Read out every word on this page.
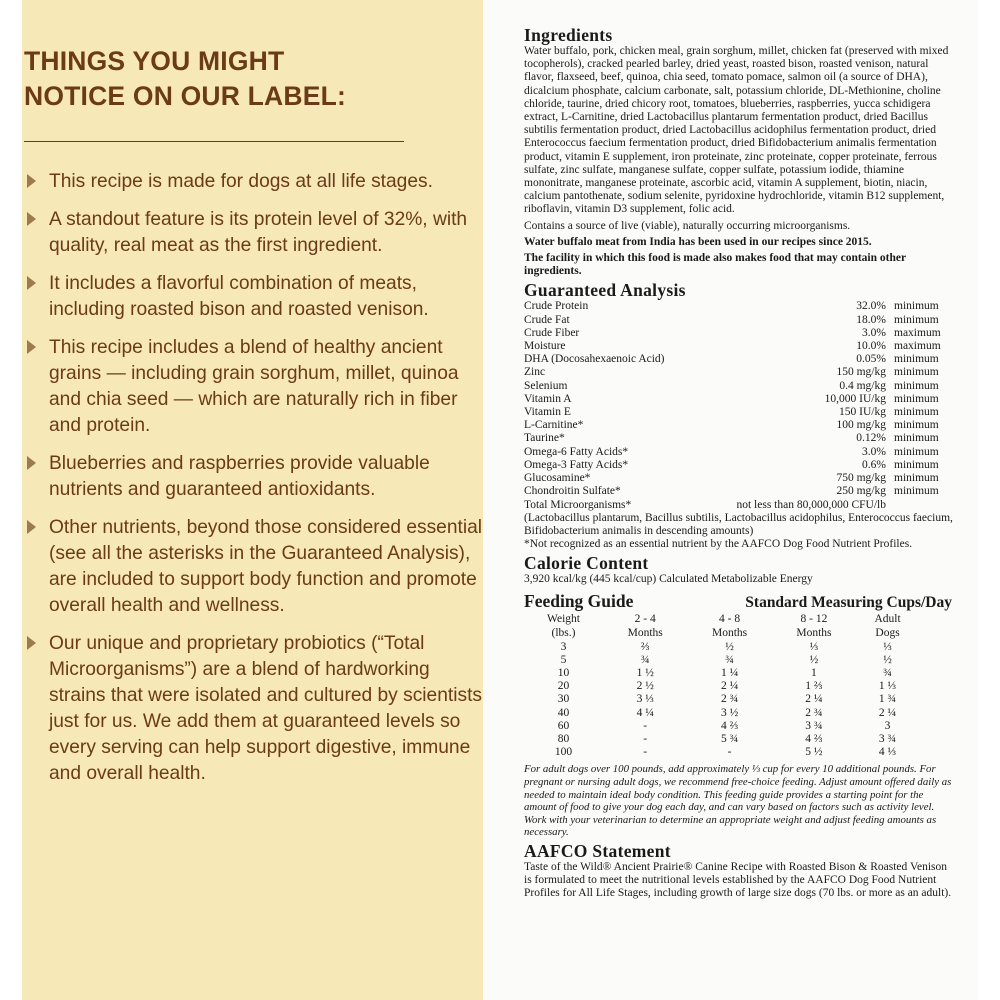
THINGS YOU MIGHT
NOTICE ON OUR LABEL:
This recipe is made for dogs at all life stages.
A standout feature is its protein level of 32%, with quality, real meat as the first ingredient.
It includes a flavorful combination of meats, including roasted bison and roasted venison.
This recipe includes a blend of healthy ancient grains — including grain sorghum, millet, quinoa and chia seed — which are naturally rich in fiber and protein.
Blueberries and raspberries provide valuable nutrients and guaranteed antioxidants.
Other nutrients, beyond those considered essential (see all the asterisks in the Guaranteed Analysis), are included to support body function and promote overall health and wellness.
Our unique and proprietary probiotics (“Total Microorganisms”) are a blend of hardworking strains that were isolated and cultured by scientists just for us. We add them at guaranteed levels so every serving can help support digestive, immune and overall health.
Ingredients

Water buffalo, pork, chicken meal, grain sorghum, millet, chicken fat (preserved with mixed tocopherols), cracked pearled barley, dried yeast, roasted bison, roasted venison, natural flavor, flaxseed, beef, quinoa, chia seed, tomato pomace, salmon oil (a source of DHA), dicalcium phosphate, calcium carbonate, salt, potassium chloride, DL-Methionine, choline chloride, taurine, dried chicory root, tomatoes, blueberries, raspberries, yucca schidigera extract, L-Carnitine, dried Lactobacillus plantarum fermentation product, dried Bacillus subtilis fermentation product, dried Lactobacillus acidophilus fermentation product, dried Enterococcus faecium fermentation product, dried Bifidobacterium animalis fermentation product, vitamin E supplement, iron proteinate, zinc proteinate, copper proteinate, ferrous sulfate, zinc sulfate, manganese sulfate, copper sulfate, potassium iodide, thiamine mononitrate, manganese proteinate, ascorbic acid, vitamin A supplement, biotin, niacin, calcium pantothenate, sodium selenite, pyridoxine hydrochloride, vitamin B12 supplement, riboflavin, vitamin D3 supplement, folic acid.

Contains a source of live (viable), naturally occurring microorganisms.

Water buffalo meat from India has been used in our recipes since 2015.

The facility in which this food is made also makes food that may contain other ingredients.

Guaranteed Analysis
Crude Protein	32.0%	minimum
Crude Fat	18.0%	minimum
Crude Fiber	3.0%	maximum
Moisture	10.0%	maximum
DHA (Docosahexaenoic Acid)	0.05%	minimum
Zinc	150 mg/kg	minimum
Selenium	0.4 mg/kg	minimum
Vitamin A	10,000 IU/kg	minimum
Vitamin E	150 IU/kg	minimum
L-Carnitine*	100 mg/kg	minimum
Taurine*	0.12%	minimum
Omega-6 Fatty Acids*	3.0%	minimum
Omega-3 Fatty Acids*	0.6%	minimum
Glucosamine*	750 mg/kg	minimum
Chondroitin Sulfate*	250 mg/kg	minimum
Total Microorganisms*	not less than 80,000,000 CFU/lb	

(Lactobacillus plantarum, Bacillus subtilis, Lactobacillus acidophilus, Enterococcus faecium, Bifidobacterium animalis in descending amounts)

*Not recognized as an essential nutrient by the AAFCO Dog Food Nutrient Profiles.

Calorie Content

3,920 kcal/kg (445 kcal/cup) Calculated Metabolizable Energy

Feeding Guide	Standard Measuring Cups/Day
Weight	2 - 4	4 - 8	8 - 12	Adult
(lbs.)	Months	Months	Months	Dogs
3	⅔	½	⅓	⅓
5	¾	¾	½	½
10	1 ½	1 ¼	1	¾
20	2 ½	2 ¼	1 ⅔	1 ⅓
30	3 ⅓	2 ¾	2 ¼	1 ¾
40	4 ¼	3 ½	2 ¾	2 ¼
60	-	4 ⅔	3 ¾	3
80	-	5 ¾	4 ⅔	3 ¾
100	-	-	5 ½	4 ⅓

For adult dogs over 100 pounds, add approximately ⅓ cup for every 10 additional pounds. For pregnant or nursing adult dogs, we recommend free-choice feeding. Adjust amount offered daily as needed to maintain ideal body condition. This feeding guide provides a starting point for the amount of food to give your dog each day, and can vary based on factors such as activity level. Work with your veterinarian to determine an appropriate weight and adjust feeding amounts as necessary.

AAFCO Statement

Taste of the Wild® Ancient Prairie® Canine Recipe with Roasted Bison & Roasted Venison is formulated to meet the nutritional levels established by the AAFCO Dog Food Nutrient Profiles for All Life Stages, including growth of large size dogs (70 lbs. or more as an adult).
